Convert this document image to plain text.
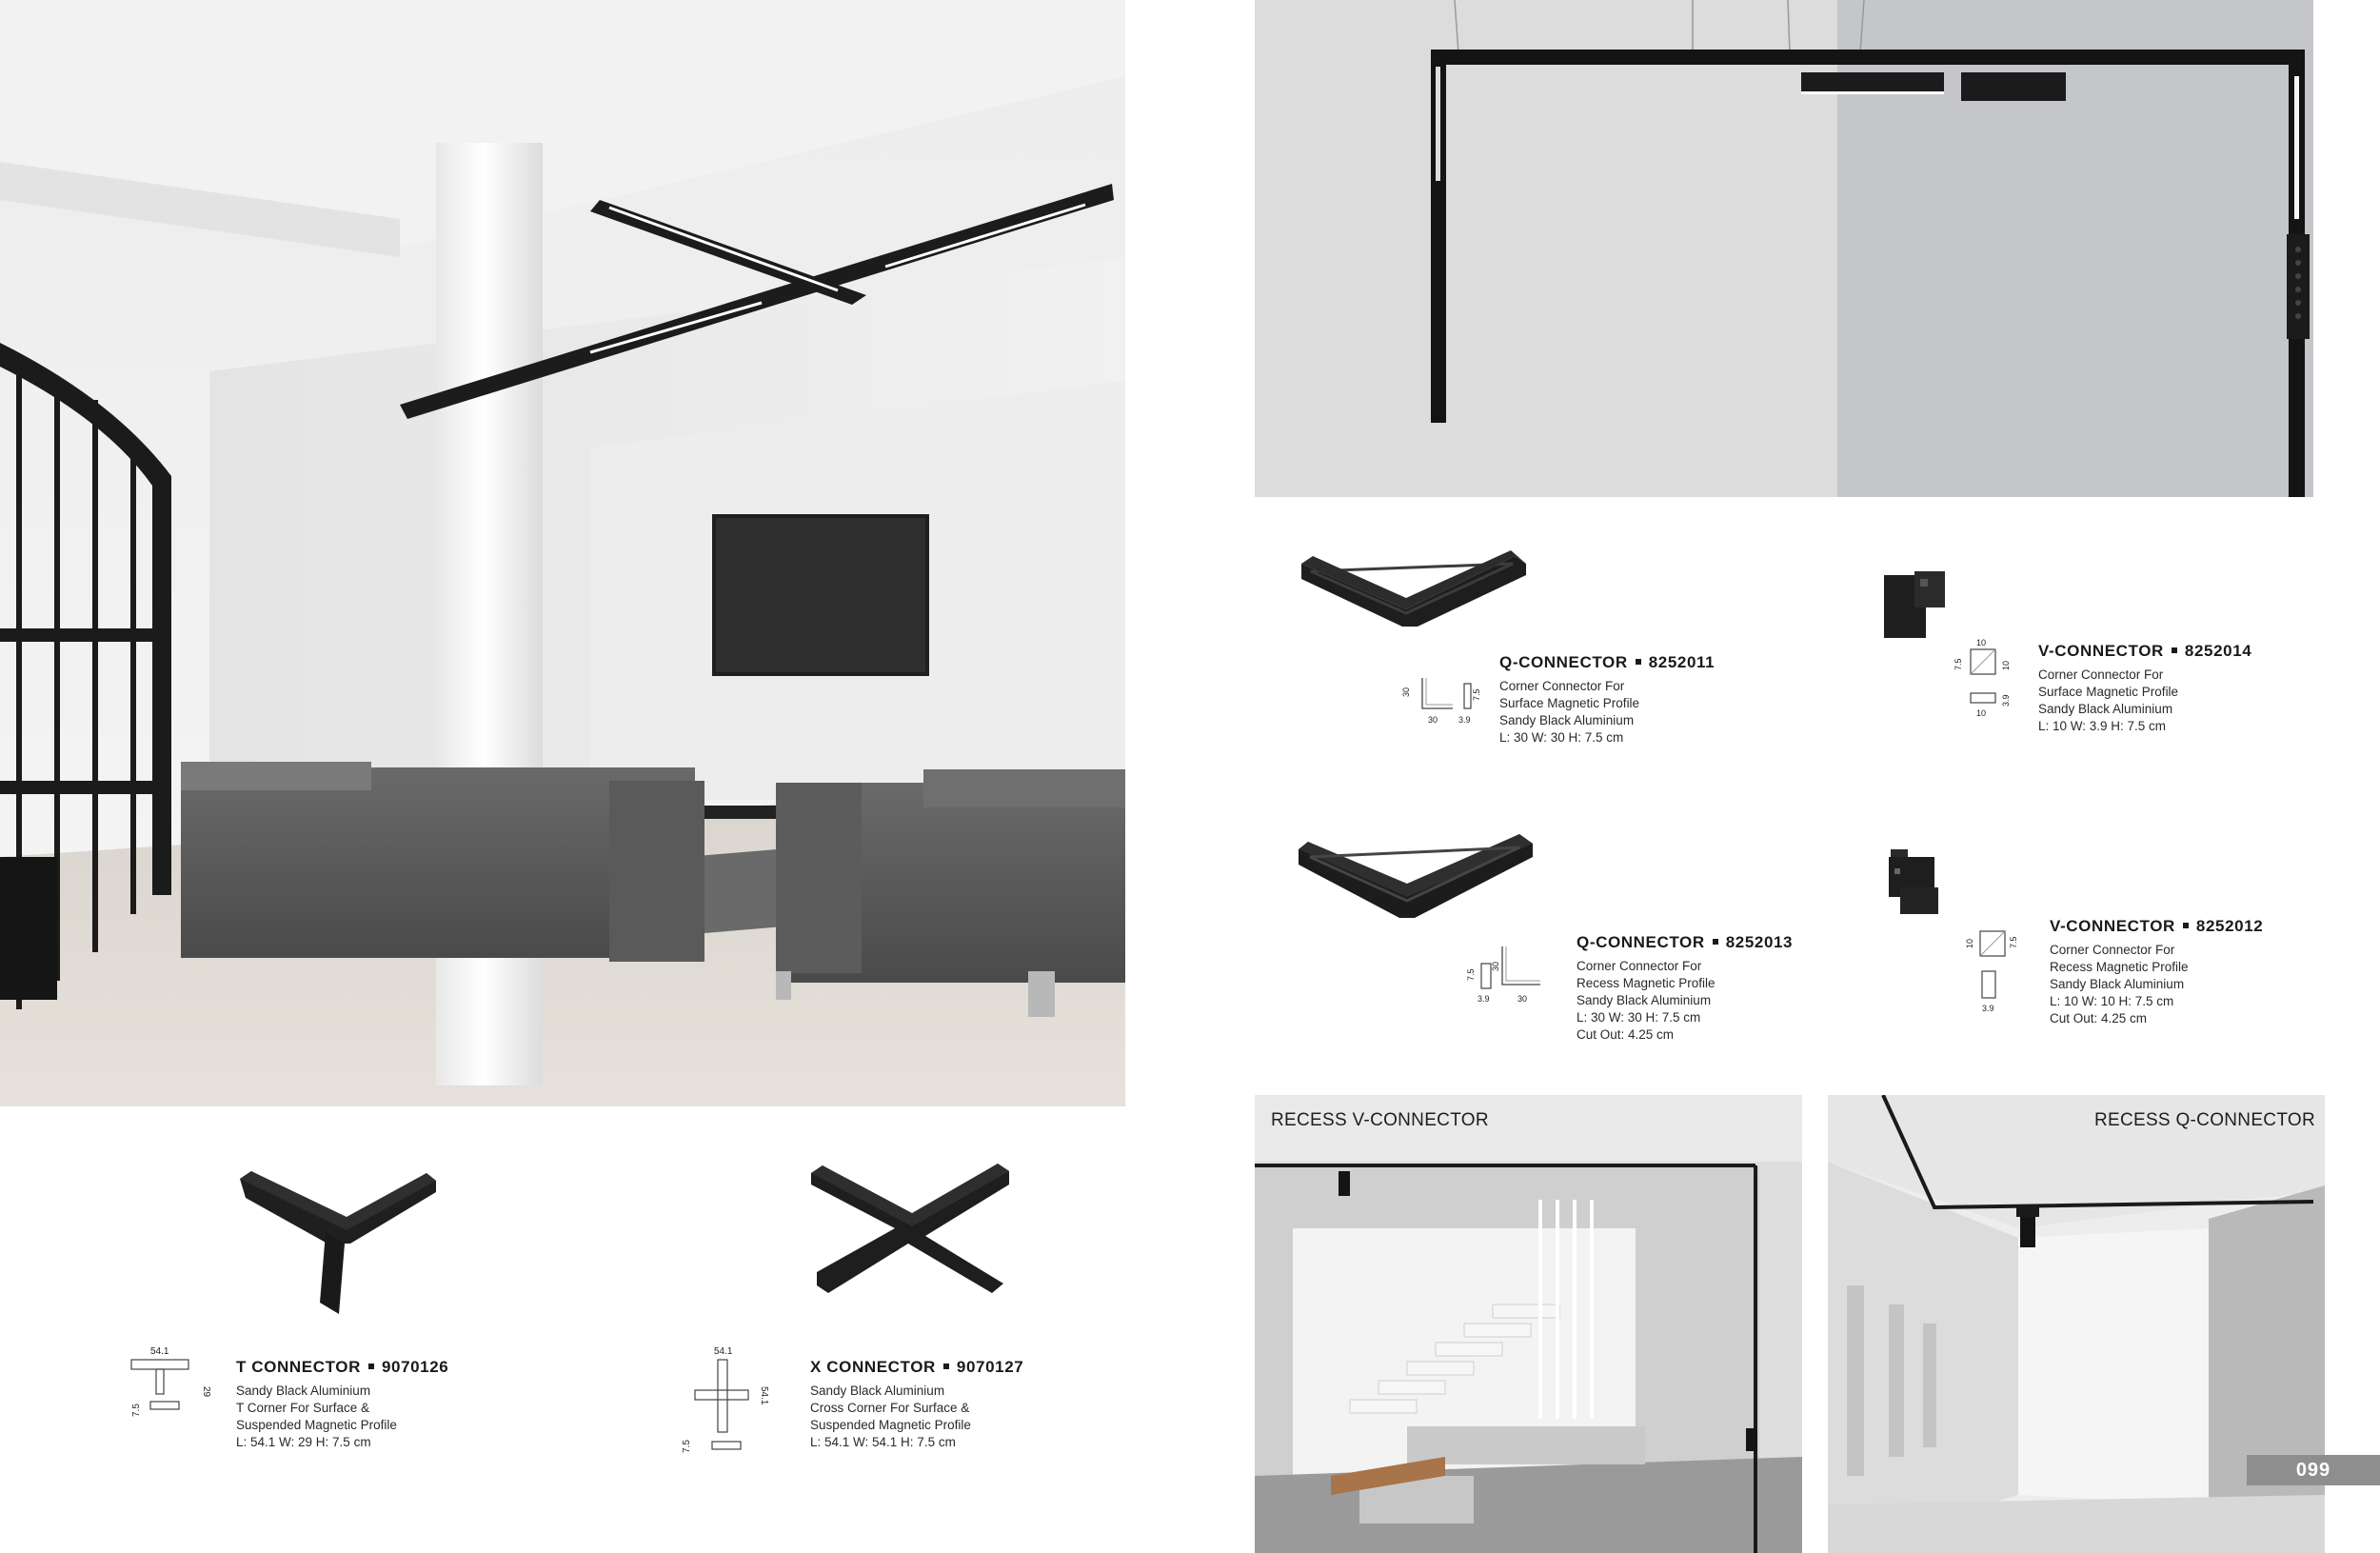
30
30 3.9
7.5
Q-CONNECTOR 8252011
Corner Connector For
Surface Magnetic Profile
Sandy Black Aluminium
L: 30 W: 30 H: 7.5 cm
10
7.5	10
3.9
10
V-CONNECTOR 8252014
Corner Connector For
Surface Magnetic Profile
Sandy Black Aluminium
L: 10 W: 3.9 H: 7.5 cm
7.5
30
3.9	30
Q-CONNECTOR 8252013
Corner Connector For
Recess Magnetic Profile
Sandy Black Aluminium
L: 30 W: 30 H: 7.5 cm
Cut Out: 4.25 cm
10	7.5
3.9
V-CONNECTOR 8252012
Corner Connector For
Recess Magnetic Profile
Sandy Black Aluminium
L: 10 W: 10 H: 7.5 cm
Cut Out: 4.25 cm
RECESS V-CONNECTOR	RECESS Q-CONNECTOR
099
54.1
29
7.5
T CONNECTOR 9070126
Sandy Black Aluminium
T Corner For Surface &
Suspended Magnetic Profile
L: 54.1 W: 29 H: 7.5 cm
54.1
54.1
7.5
X CONNECTOR 9070127
Sandy Black Aluminium
Cross Corner For Surface &
Suspended Magnetic Profile
L: 54.1 W: 54.1 H: 7.5 cm
